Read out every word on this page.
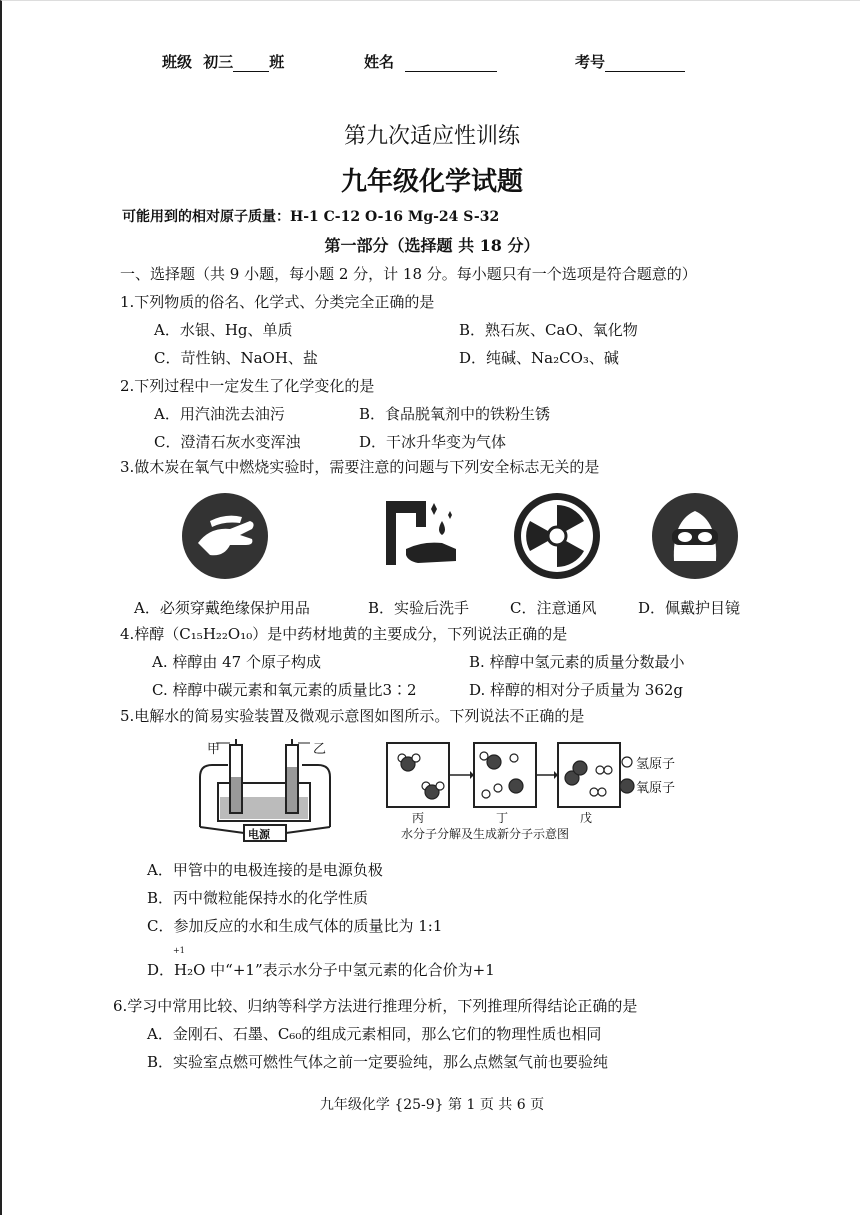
班级 初三 班	姓名	考号
第九次适应性训练
九年级化学试题
可能用到的相对原子质量：H-1 C-12 O-16 Mg-24 S-32
第一部分（选择题 共 18 分）
一、选择题（共 9 小题，每小题 2 分，计 18 分。每小题只有一个选项是符合题意的）
1.下列物质的俗名、化学式、分类完全正确的是
A．水银、Hg、单质	B．熟石灰、CaO、氧化物
C．苛性钠、NaOH、盐	D．纯碱、Na₂CO₃、碱
2.下列过程中一定发生了化学变化的是
A．用汽油洗去油污	B．食品脱氧剂中的铁粉生锈
C．澄清石灰水变浑浊	D．干冰升华变为气体
3.做木炭在氧气中燃烧实验时，需要注意的问题与下列安全标志无关的是
A．必须穿戴绝缘保护用品	B．实验后洗手	C．注意通风	D．佩戴护目镜
4.梓醇（C₁₅H₂₂O₁₀）是中药材地黄的主要成分，下列说法正确的是
A. 梓醇由 47 个原子构成	B. 梓醇中氢元素的质量分数最小
C. 梓醇中碳元素和氧元素的质量比3∶2	D. 梓醇的相对分子质量为 362g
5.电解水的简易实验装置及微观示意图如图所示。下列说法不正确的是
甲	乙
电源
丙	丁	戊
氢原子
氧原子
水分子分解及生成新分子示意图
A．甲管中的电极连接的是电源负极
B．丙中微粒能保持水的化学性质
C．参加反应的水和生成气体的质量比为 1:1
+1
D．H₂O 中“+1”表示水分子中氢元素的化合价为+1
6.学习中常用比较、归纳等科学方法进行推理分析，下列推理所得结论正确的是
A．金刚石、石墨、C₆₀的组成元素相同，那么它们的物理性质也相同
B．实验室点燃可燃性气体之前一定要验纯，那么点燃氢气前也要验纯
九年级化学 {25-9} 第 1 页 共 6 页
